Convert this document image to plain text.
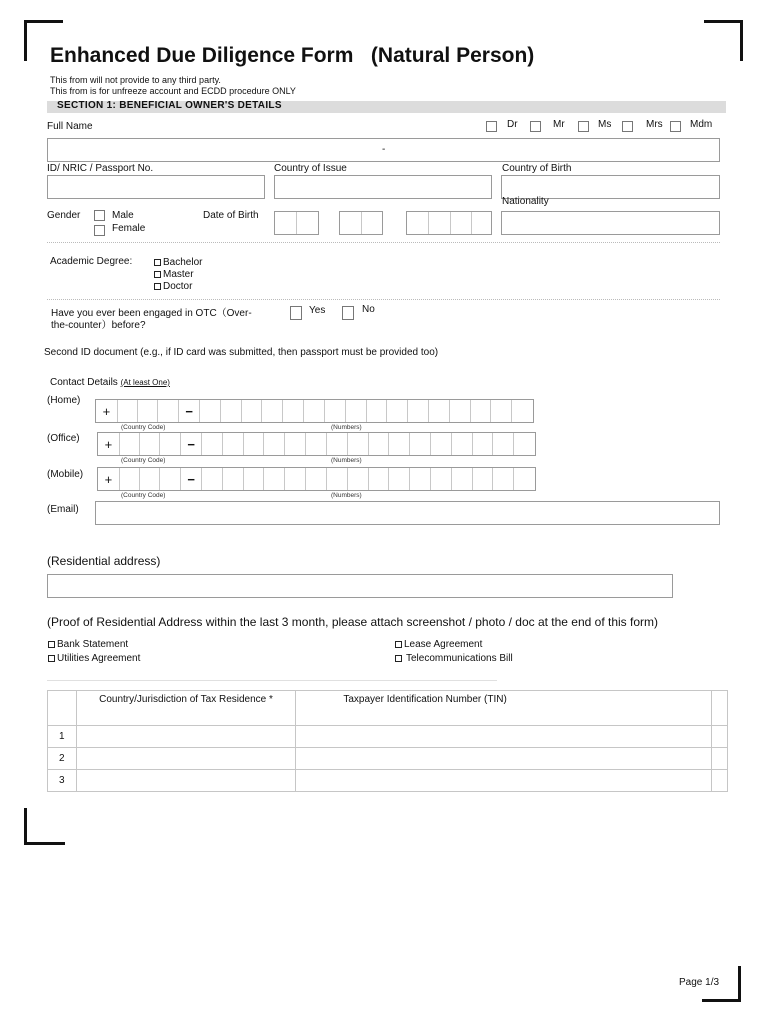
Enhanced Due Diligence Form (Natural Person)
This from will not provide to any third party.
This from is for unfreeze account and ECDD procedure ONLY
SECTION 1: BENEFICIAL OWNER'S DETAILS
Full Name	Dr	Mr	Ms	Mrs	Mdm
-
ID/ NRIC / Passport No.	Country of Issue	Country of Birth
Gender	Male
Female
Date of Birth
Nationality
Academic Degree:	Bachelor
Master
Doctor
Have you ever been engaged in OTC（Over-
the-counter）before?
Yes	No
Second ID document (e.g., if ID card was submitted, then passport must be provided too)
Contact Details (At least One)
(Home)
+	−
(Country Code)	(Numbers)
(Office)	+	−
(Country Code)	(Numbers)
(Mobile)	+	−
(Country Code)	(Numbers)
(Email)
(Residential address)
(Proof of Residential Address within the last 3 month, please attach screenshot / photo / doc at the end of this form)
Bank Statement
Utilities Agreement
Lease Agreement
Telecommunications Bill
	Country/Jurisdiction of Tax Residence *	Taxpayer Identification Number (TIN)	
1			
2			
3			
Page 1/3
